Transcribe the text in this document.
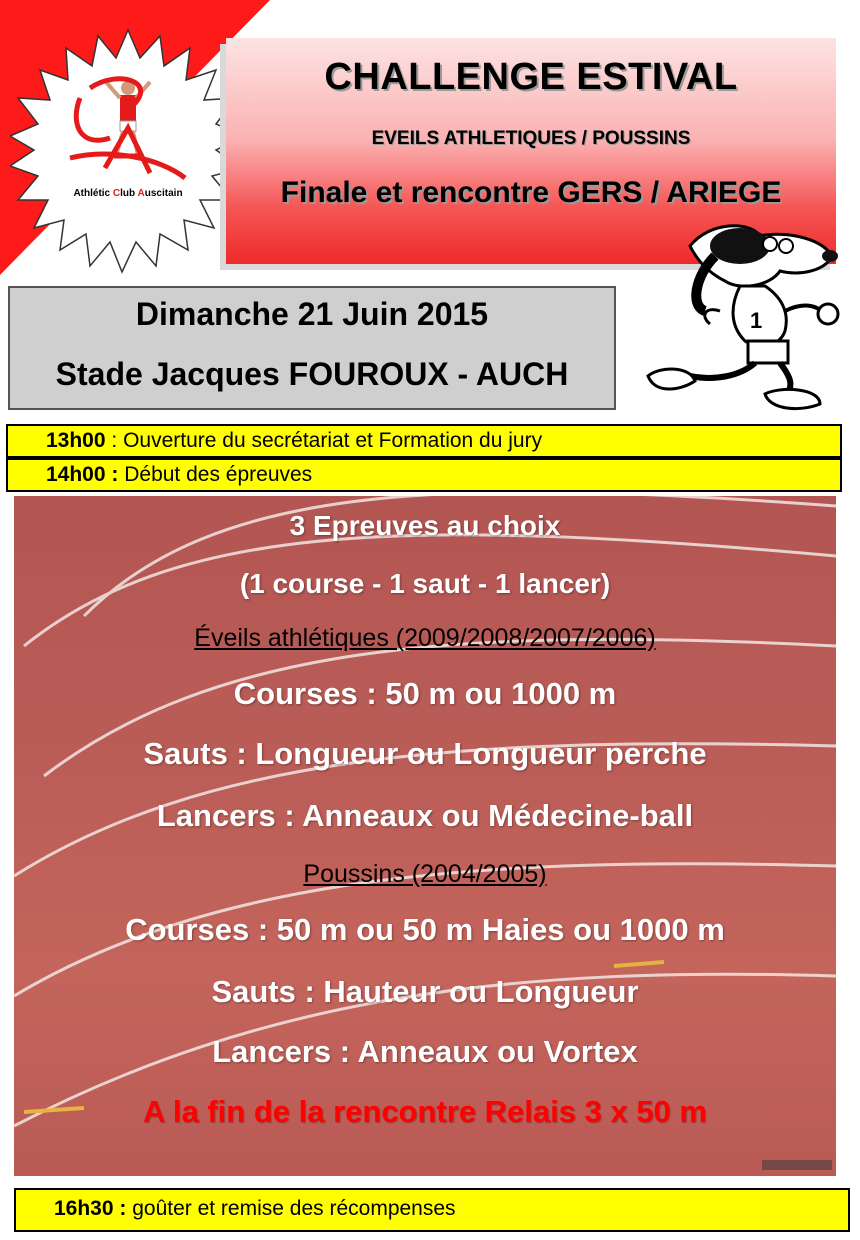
Athlétic Club Auscitain
CHALLENGE ESTIVAL
EVEILS ATHLETIQUES / POUSSINS
Finale et rencontre GERS / ARIEGE
Dimanche 21 Juin 2015
Stade Jacques FOUROUX - AUCH
1
13h00 : Ouverture du secrétariat et Formation du jury
14h00 : Début des épreuves
3 Epreuves au choix
(1 course - 1 saut - 1 lancer)
Éveils athlétiques (2009/2008/2007/2006)
Courses : 50 m ou 1000 m
Sauts : Longueur ou Longueur perche
Lancers : Anneaux ou Médecine-ball
Poussins (2004/2005)
Courses : 50 m ou 50 m Haies ou 1000 m
Sauts : Hauteur ou Longueur
Lancers : Anneaux ou Vortex
A la fin de la rencontre Relais 3 x 50 m
16h30 : goûter et remise des récompenses
